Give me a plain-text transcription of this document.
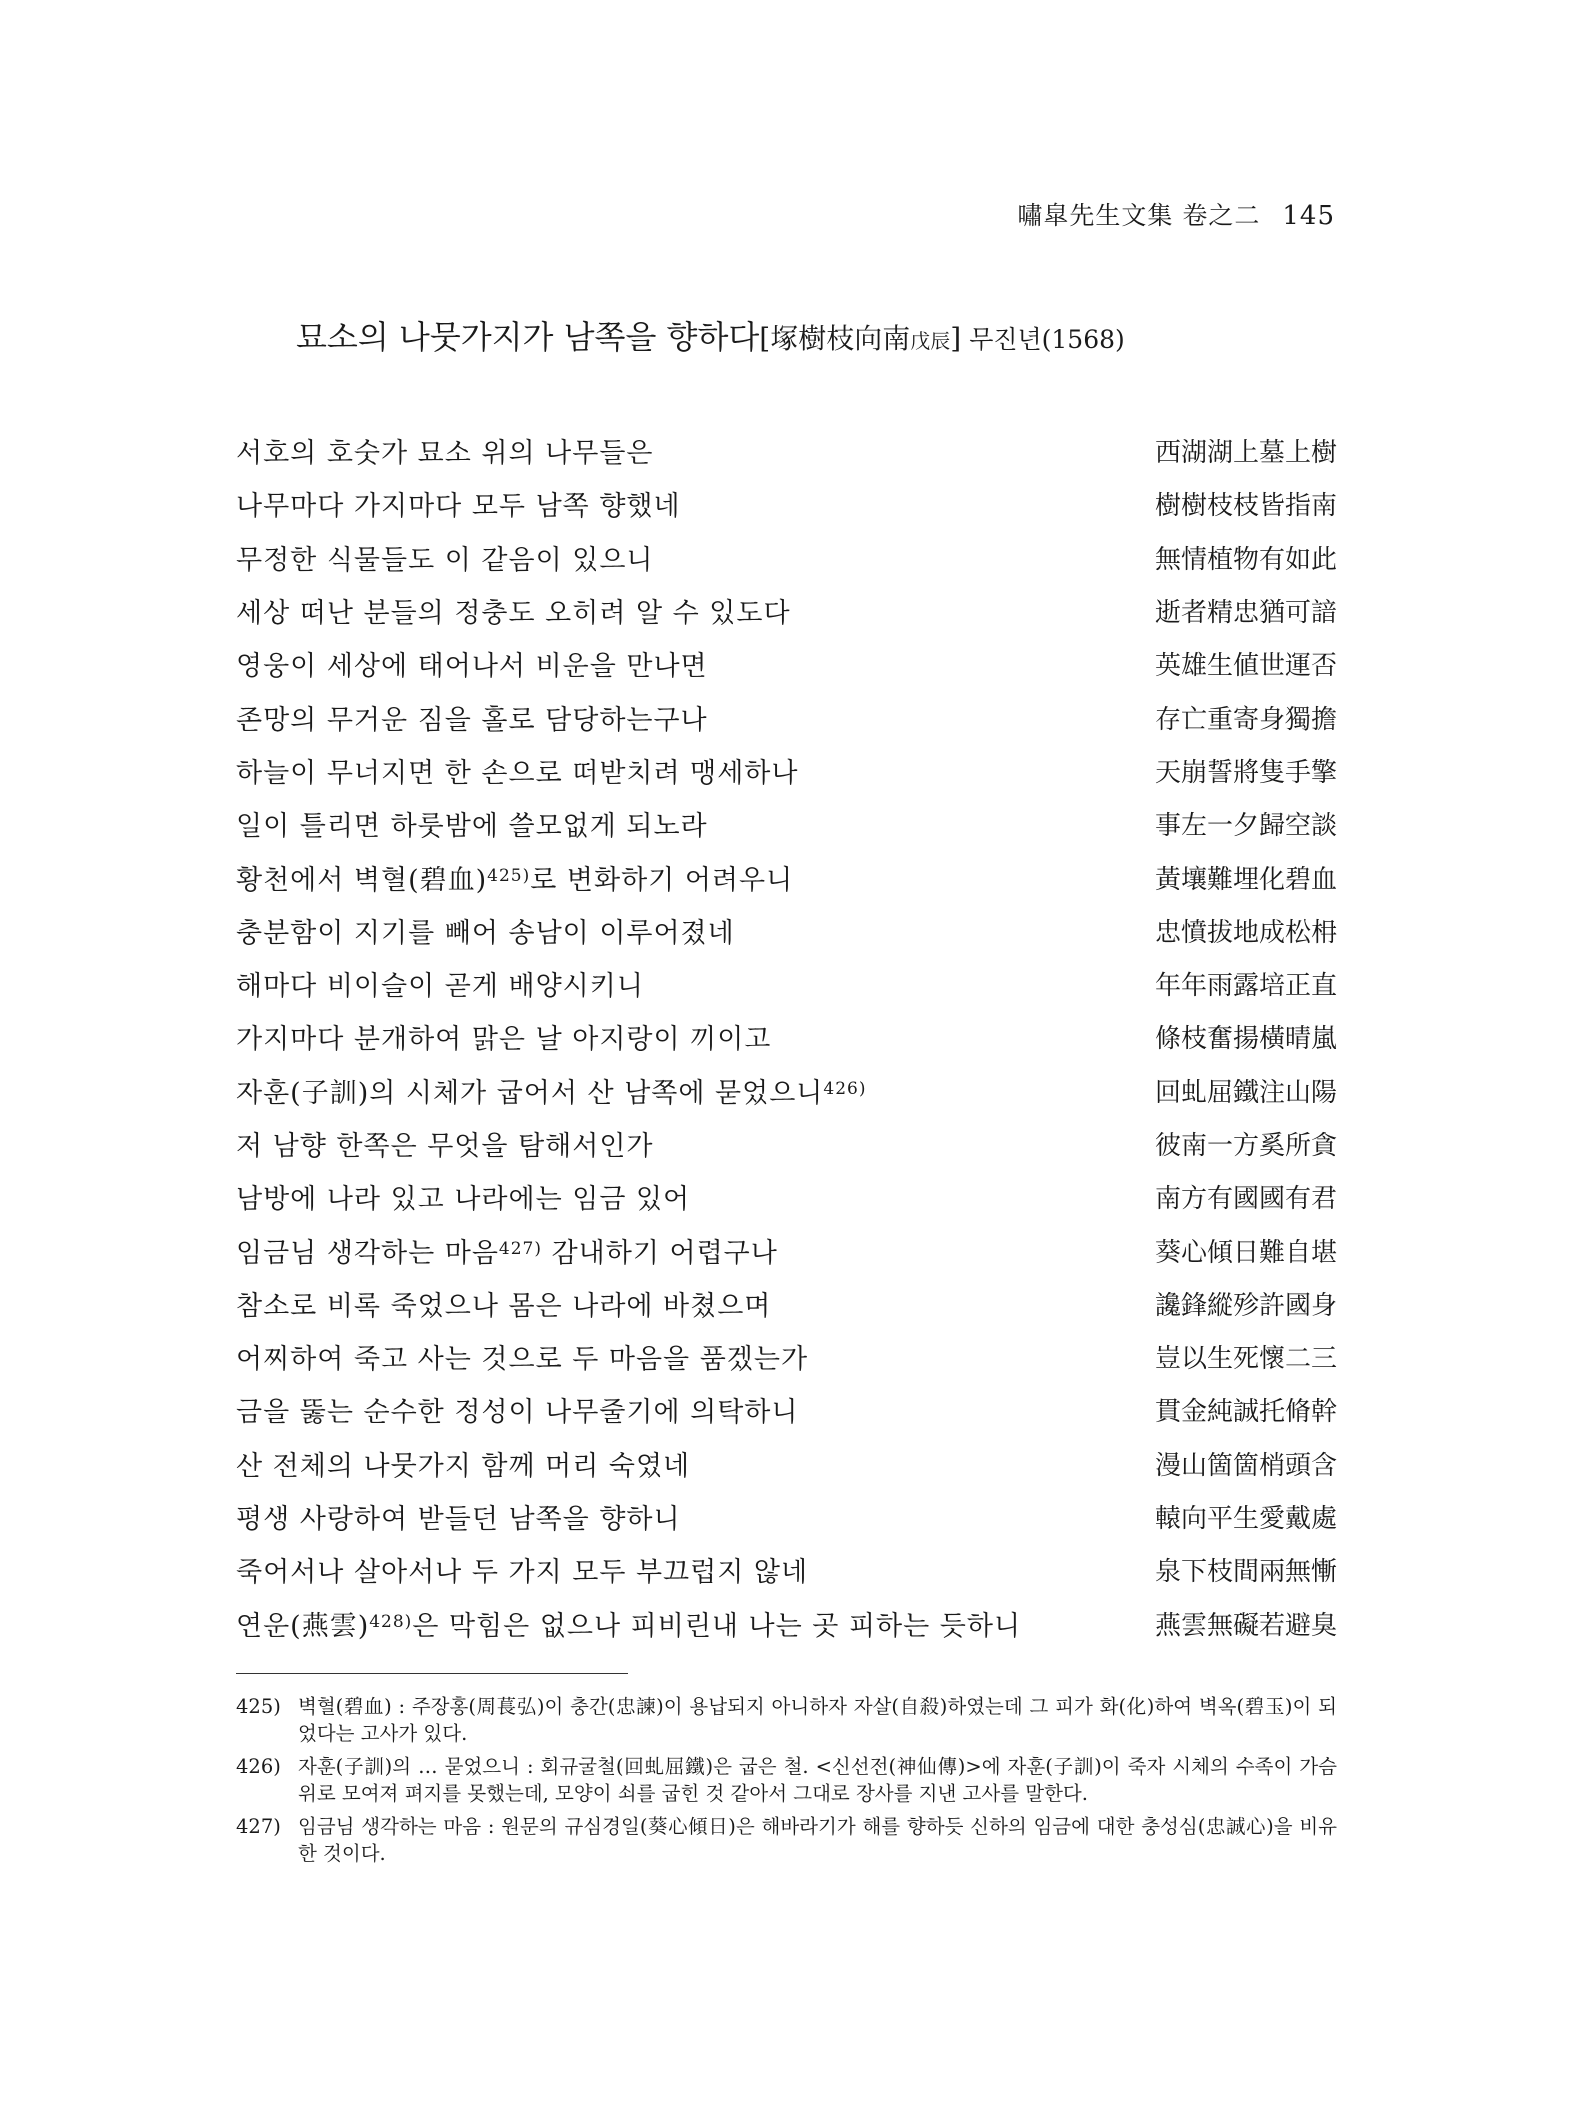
嘯皐先生文集 卷之二 145
묘소의 나뭇가지가 남쪽을 향하다[塚樹枝向南戊辰] 무진년(1568)
서호의 호숫가 묘소 위의 나무들은	西湖湖上墓上樹
나무마다 가지마다 모두 남쪽 향했네	樹樹枝枝皆指南
무정한 식물들도 이 같음이 있으니	無情植物有如此
세상 떠난 분들의 정충도 오히려 알 수 있도다	逝者精忠猶可諳
영웅이 세상에 태어나서 비운을 만나면	英雄生値世運否
존망의 무거운 짐을 홀로 담당하는구나	存亡重寄身獨擔
하늘이 무너지면 한 손으로 떠받치려 맹세하나	天崩誓將隻手擎
일이 틀리면 하룻밤에 쓸모없게 되노라	事左一夕歸空談
황천에서 벽혈(碧血)$^{425)}$로 변화하기 어려우니	黃壤難埋化碧血
충분함이 지기를 빼어 송남이 이루어졌네	忠憤拔地成松枏
해마다 비이슬이 곧게 배양시키니	年年雨露培正直
가지마다 분개하여 맑은 날 아지랑이 끼이고	條枝奮揚橫晴嵐
자훈(子訓)의 시체가 굽어서 산 남쪽에 묻었으니$^{426)}$	回虬屈鐵注山陽
저 남향 한쪽은 무엇을 탐해서인가	彼南一方奚所貪
남방에 나라 있고 나라에는 임금 있어	南方有國國有君
임금님 생각하는 마음$^{427)}$ 감내하기 어렵구나	葵心傾日難自堪
참소로 비록 죽었으나 몸은 나라에 바쳤으며	讒鋒縱殄許國身
어찌하여 죽고 사는 것으로 두 마음을 품겠는가	豈以生死懷二三
금을 뚫는 순수한 정성이 나무줄기에 의탁하니	貫金純誠托脩幹
산 전체의 나뭇가지 함께 머리 숙였네	漫山箇箇梢頭含
평생 사랑하여 받들던 남쪽을 향하니	轅向平生愛戴處
죽어서나 살아서나 두 가지 모두 부끄럽지 않네	泉下枝間兩無慚
연운(燕雲)$^{428)}$은 막힘은 없으나 피비린내 나는 곳 피하는 듯하니	燕雲無礙若避臭
425) 벽혈(碧血) : 주장홍(周萇弘)이 충간(忠諫)이 용납되지 아니하자 자살(自殺)하였는데 그 피가 화(化)하여 벽옥(碧玉)이 되었다는 고사가 있다.
426) 자훈(子訓)의 … 묻었으니 : 회규굴철(回虬屈鐵)은 굽은 철. <신선전(神仙傳)>에 자훈(子訓)이 죽자 시체의 수족이 가슴 위로 모여져 펴지를 못했는데, 모양이 쇠를 굽힌 것 같아서 그대로 장사를 지낸 고사를 말한다.
427) 임금님 생각하는 마음 : 원문의 규심경일(葵心傾日)은 해바라기가 해를 향하듯 신하의 임금에 대한 충성심(忠誠心)을 비유한 것이다.
